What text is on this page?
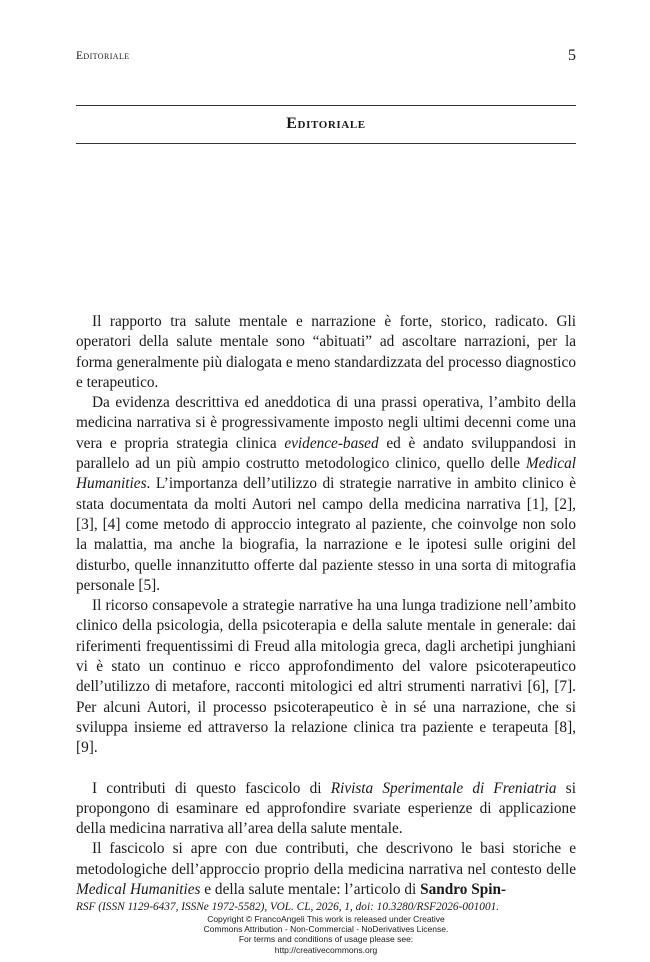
Editoriale	5
Editoriale

Il rapporto tra salute mentale e narrazione è forte, storico, radicato. Gli operatori della salute mentale sono “abituati” ad ascoltare narrazioni, per la forma generalmente più dialogata e meno standardizzata del processo diagnostico e terapeutico.

Da evidenza descrittiva ed aneddotica di una prassi operativa, l’ambito della medicina narrativa si è progressivamente imposto negli ultimi decenni come una vera e propria strategia clinica evidence-based ed è andato sviluppandosi in parallelo ad un più ampio costrutto metodologico clinico, quello delle Medical Humanities. L’importanza dell’utilizzo di strategie narrative in ambito clinico è stata documentata da molti Autori nel campo della medicina narrativa [1], [2], [3], [4] come metodo di approccio integrato al paziente, che coinvolge non solo la malattia, ma anche la biografia, la narrazione e le ipotesi sulle origini del disturbo, quelle innanzitutto offerte dal paziente stesso in una sorta di mitografia personale [5].

Il ricorso consapevole a strategie narrative ha una lunga tradizione nell’ambito clinico della psicologia, della psicoterapia e della salute mentale in generale: dai riferimenti frequentissimi di Freud alla mitologia greca, dagli archetipi junghiani vi è stato un continuo e ricco approfondimento del valore psicoterapeutico dell’utilizzo di metafore, racconti mitologici ed altri strumenti narrativi [6], [7]. Per alcuni Autori, il processo psicoterapeutico è in sé una narrazione, che si sviluppa insieme ed attraverso la relazione clinica tra paziente e terapeuta [8], [9].

I contributi di questo fascicolo di Rivista Sperimentale di Freniatria si propongono di esaminare ed approfondire svariate esperienze di applicazione della medicina narrativa all’area della salute mentale.

Il fascicolo si apre con due contributi, che descrivono le basi storiche e metodologiche dell’approccio proprio della medicina narrativa nel contesto delle Medical Humanities e della salute mentale: l’articolo di Sandro Spin-

RSF (ISSN 1129-6437, ISSNe 1972-5582), VOL. CL, 2026, 1, doi: 10.3280/RSF2026-001001.
Copyright © FrancoAngeli This work is released under Creative
Commons Attribution - Non-Commercial - NoDerivatives License.
For terms and conditions of usage please see:
http://creativecommons.org
